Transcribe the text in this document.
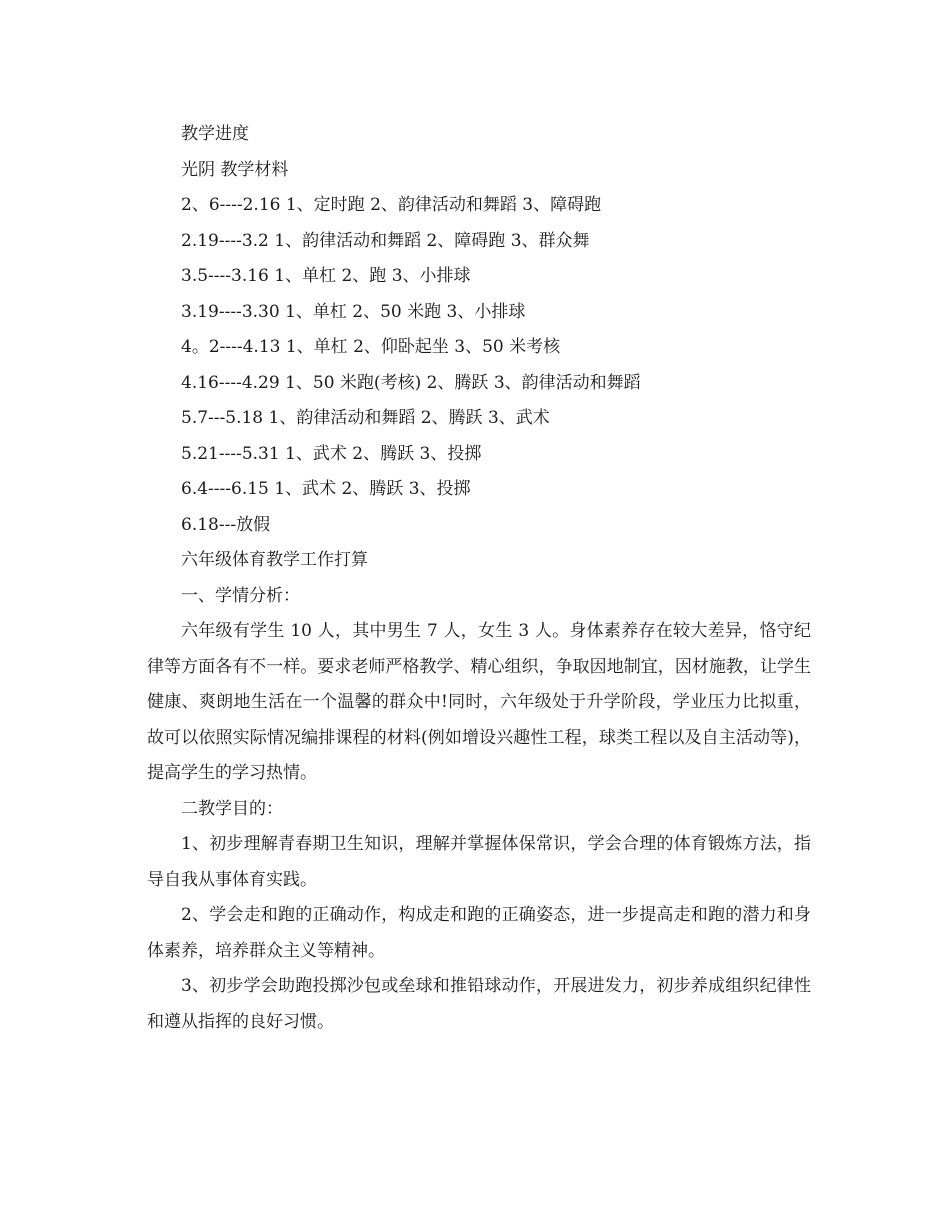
教学进度
光阴 教学材料
2、6----2.16 1、定时跑 2、韵律活动和舞蹈 3、障碍跑
2.19----3.2 1、韵律活动和舞蹈 2、障碍跑 3、群众舞
3.5----3.16 1、单杠 2、跑 3、小排球
3.19----3.30 1、单杠 2、50 米跑 3、小排球
4。2----4.13 1、单杠 2、仰卧起坐 3、50 米考核
4.16----4.29 1、50 米跑(考核) 2、腾跃 3、韵律活动和舞蹈
5.7---5.18 1、韵律活动和舞蹈 2、腾跃 3、武术
5.21----5.31 1、武术 2、腾跃 3、投掷
6.4----6.15 1、武术 2、腾跃 3、投掷
6.18---放假
六年级体育教学工作打算
一、学情分析：

六年级有学生 10 人，其中男生 7 人，女生 3 人。身体素养存在较大差异，恪守纪律等方面各有不一样。要求老师严格教学、精心组织，争取因地制宜，因材施教，让学生健康、爽朗地生活在一个温馨的群众中!同时，六年级处于升学阶段，学业压力比拟重，故可以依照实际情况编排课程的材料(例如增设兴趣性工程，球类工程以及自主活动等)，提高学生的学习热情。

二教学目的：

1、初步理解青春期卫生知识，理解并掌握体保常识，学会合理的体育锻炼方法，指导自我从事体育实践。

2、学会走和跑的正确动作，构成走和跑的正确姿态，进一步提高走和跑的潜力和身体素养，培养群众主义等精神。

3、初步学会助跑投掷沙包或垒球和推铅球动作，开展进发力，初步养成组织纪律性和遵从指挥的良好习惯。
